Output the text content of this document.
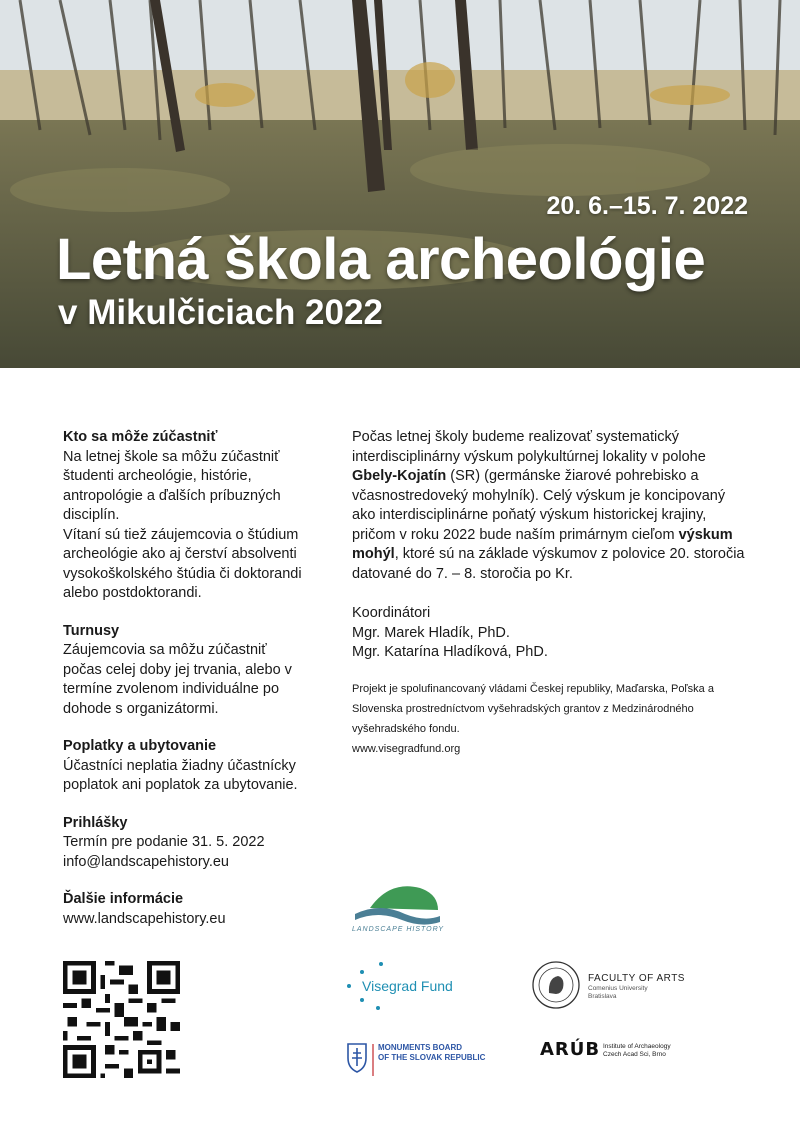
20. 6.–15. 7. 2022
Letná škola archeológie
v Mikulčiciach 2022
Kto sa môže zúčastniť

Na letnej škole sa môžu zúčastniť študenti archeológie, histórie, antropológie a ďalších príbuzných disciplín.

Vítaní sú tiež záujemcovia o štúdium archeológie ako aj čerství absolventi vysokoškolského štúdia či doktorandi alebo postdoktorandi.

Turnusy

Záujemcovia sa môžu zúčastniť počas celej doby jej trvania, alebo v termíne zvolenom individuálne po dohode s organizátormi.

Poplatky a ubytovanie

Účastníci neplatia žiadny účastnícky poplatok ani poplatok za ubytovanie.

Prihlášky

Termín pre podanie 31. 5. 2022

info@landscapehistory.eu

Ďalšie informácie

www.landscapehistory.eu

Počas letnej školy budeme realizovať systematický interdisciplinárny výskum polykultúrnej lokality v polohe Gbely-Kojatín (SR) (germánske žiarové pohrebisko a včasnostredoveký mohylník). Celý výskum je koncipovaný ako interdisciplinárne poňatý výskum historickej krajiny, pričom v roku 2022 bude naším primárnym cieľom výskum mohýl, ktoré sú na základe výskumov z polovice 20. storočia datované do 7. – 8. storočia po Kr.

Koordinátori

Mgr. Marek Hladík, PhD.

Mgr. Katarína Hladíková, PhD.

Projekt je spolufinancovaný vládami Českej republiky, Maďarska, Poľska a Slovenska prostredníctvom vyšehradských grantov z Medzinárodného vyšehradského fondu.

www.visegradfund.org

LANDSCAPE HISTORY
Visegrad Fund	FACULTY OF ARTS
Comenius University
Bratislava
MONUMENTS BOARD
OF THE SLOVAK REPUBLIC	ARÚB Institute of Archaeology
Czech Acad Sci, Brno
